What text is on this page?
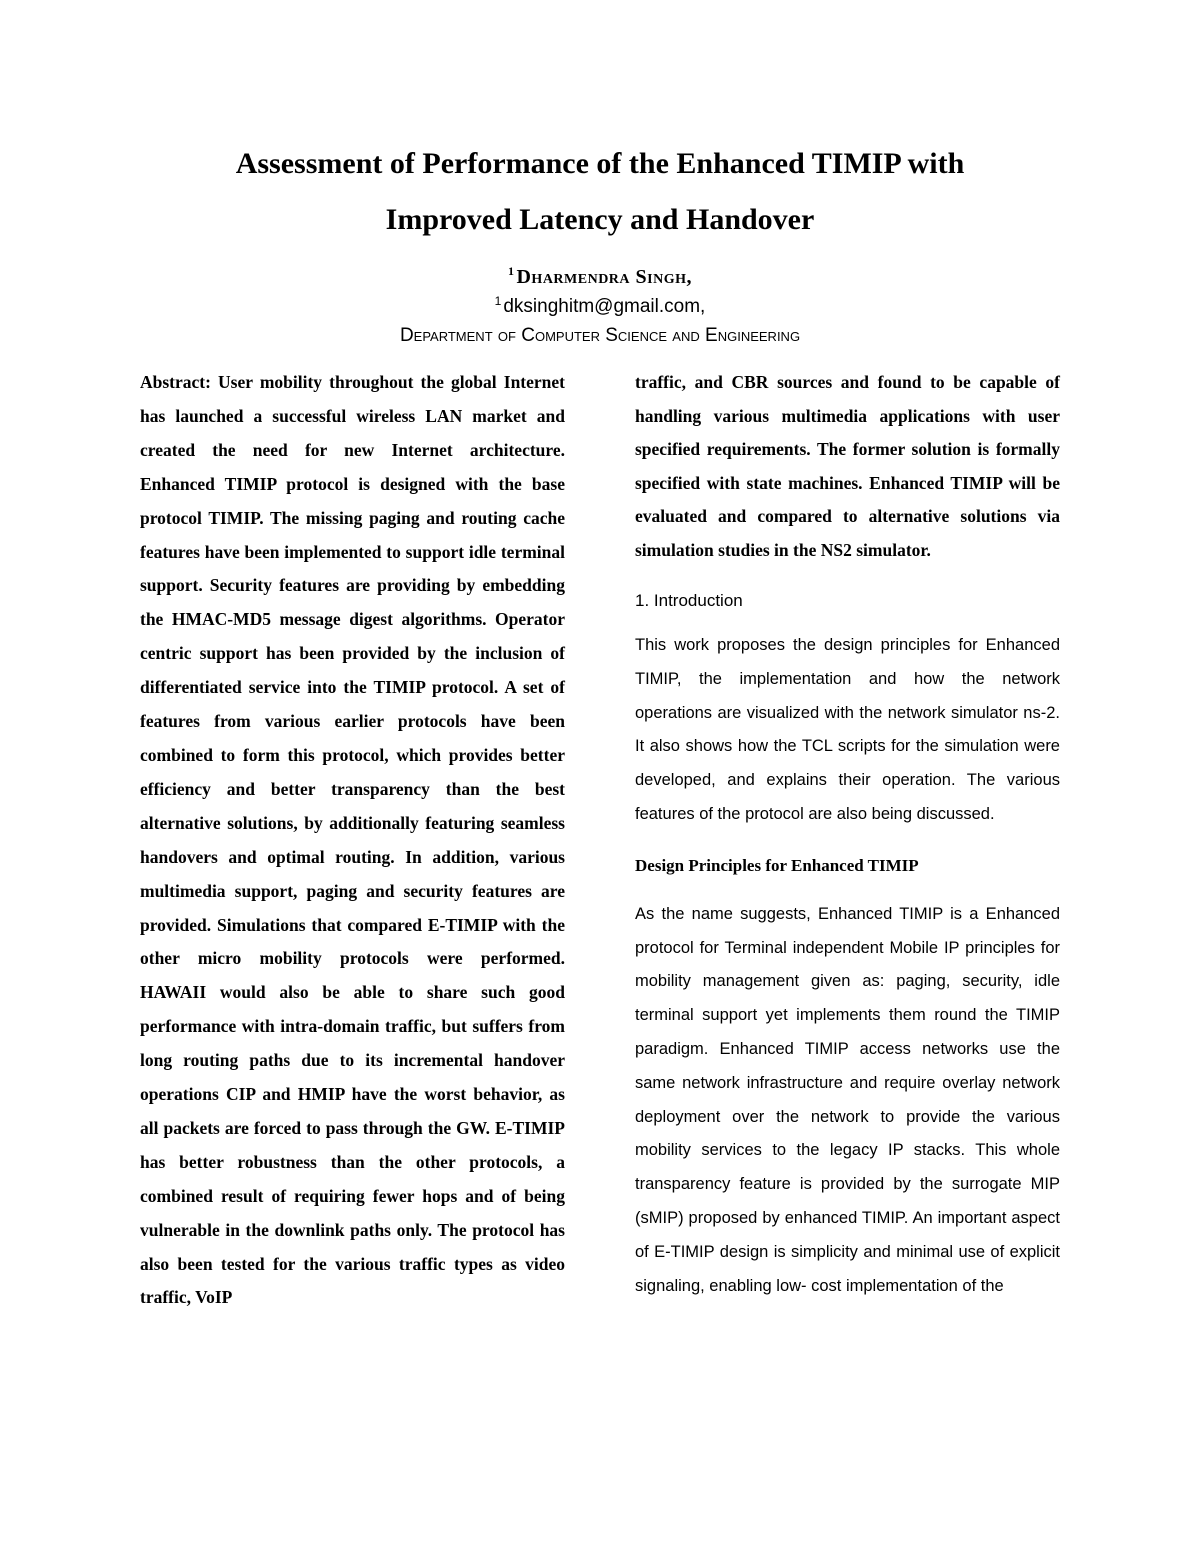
Assessment of Performance of the Enhanced TIMIP with
Improved Latency and Handover
$^1$ Dharmendra Singh,
$^1$ dksinghitm@gmail.com,
Department of Computer Science and Engineering

Abstract: User mobility throughout the global Internet has launched a successful wireless LAN market and created the need for new Internet architecture. Enhanced TIMIP protocol is designed with the base protocol TIMIP. The missing paging and routing cache features have been implemented to support idle terminal support. Security features are providing by embedding the HMAC-MD5 message digest algorithms. Operator centric support has been provided by the inclusion of differentiated service into the TIMIP protocol. A set of features from various earlier protocols have been combined to form this protocol, which provides better efficiency and better transparency than the best alternative solutions, by additionally featuring seamless handovers and optimal routing. In addition, various multimedia support, paging and security features are provided. Simulations that compared E-TIMIP with the other micro mobility protocols were performed. HAWAII would also be able to share such good performance with intra-domain traffic, but suffers from long routing paths due to its incremental handover operations CIP and HMIP have the worst behavior, as all packets are forced to pass through the GW. E-TIMIP has better robustness than the other protocols, a combined result of requiring fewer hops and of being vulnerable in the downlink paths only. The protocol has also been tested for the various traffic types as video traffic, VoIP

traffic, and CBR sources and found to be capable of handling various multimedia applications with user specified requirements. The former solution is formally specified with state machines. Enhanced TIMIP will be evaluated and compared to alternative solutions via simulation studies in the NS2 simulator.

1. Introduction

This work proposes the design principles for Enhanced TIMIP, the implementation and how the network operations are visualized with the network simulator ns-2. It also shows how the TCL scripts for the simulation were developed, and explains their operation. The various features of the protocol are also being discussed.

Design Principles for Enhanced TIMIP

As the name suggests, Enhanced TIMIP is a Enhanced protocol for Terminal independent Mobile IP principles for mobility management given as: paging, security, idle terminal support yet implements them round the TIMIP paradigm. Enhanced TIMIP access networks use the same network infrastructure and require overlay network deployment over the network to provide the various mobility services to the legacy IP stacks. This whole transparency feature is provided by the surrogate MIP (sMIP) proposed by enhanced TIMIP. An important aspect of E-TIMIP design is simplicity and minimal use of explicit signaling, enabling low- cost implementation of the
